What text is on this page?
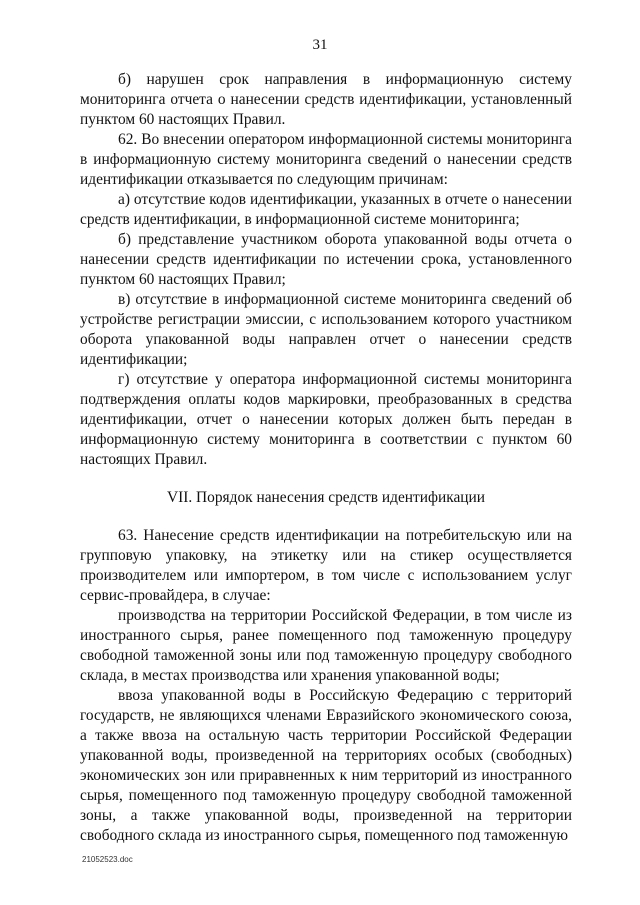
31

б) нарушен срок направления в информационную систему мониторинга отчета о нанесении средств идентификации, установленный пунктом 60 настоящих Правил.

62. Во внесении оператором информационной системы мониторинга в информационную систему мониторинга сведений о нанесении средств идентификации отказывается по следующим причинам:

а) отсутствие кодов идентификации, указанных в отчете о нанесении средств идентификации, в информационной системе мониторинга;

б) представление участником оборота упакованной воды отчета о нанесении средств идентификации по истечении срока, установленного пунктом 60 настоящих Правил;

в) отсутствие в информационной системе мониторинга сведений об устройстве регистрации эмиссии, с использованием которого участником оборота упакованной воды направлен отчет о нанесении средств идентификации;

г) отсутствие у оператора информационной системы мониторинга подтверждения оплаты кодов маркировки, преобразованных в средства идентификации, отчет о нанесении которых должен быть передан в информационную систему мониторинга в соответствии с пунктом 60 настоящих Правил.

VII. Порядок нанесения средств идентификации

63. Нанесение средств идентификации на потребительскую или на групповую упаковку, на этикетку или на стикер осуществляется производителем или импортером, в том числе с использованием услуг сервис-провайдера, в случае:

производства на территории Российской Федерации, в том числе из иностранного сырья, ранее помещенного под таможенную процедуру свободной таможенной зоны или под таможенную процедуру свободного склада, в местах производства или хранения упакованной воды;

ввоза упакованной воды в Российскую Федерацию с территорий государств, не являющихся членами Евразийского экономического союза, а также ввоза на остальную часть территории Российской Федерации упакованной воды, произведенной на территориях особых (свободных) экономических зон или приравненных к ним территорий из иностранного сырья, помещенного под таможенную процедуру свободной таможенной зоны, а также упакованной воды, произведенной на территории свободного склада из иностранного сырья, помещенного под таможенную

21052523.doc
